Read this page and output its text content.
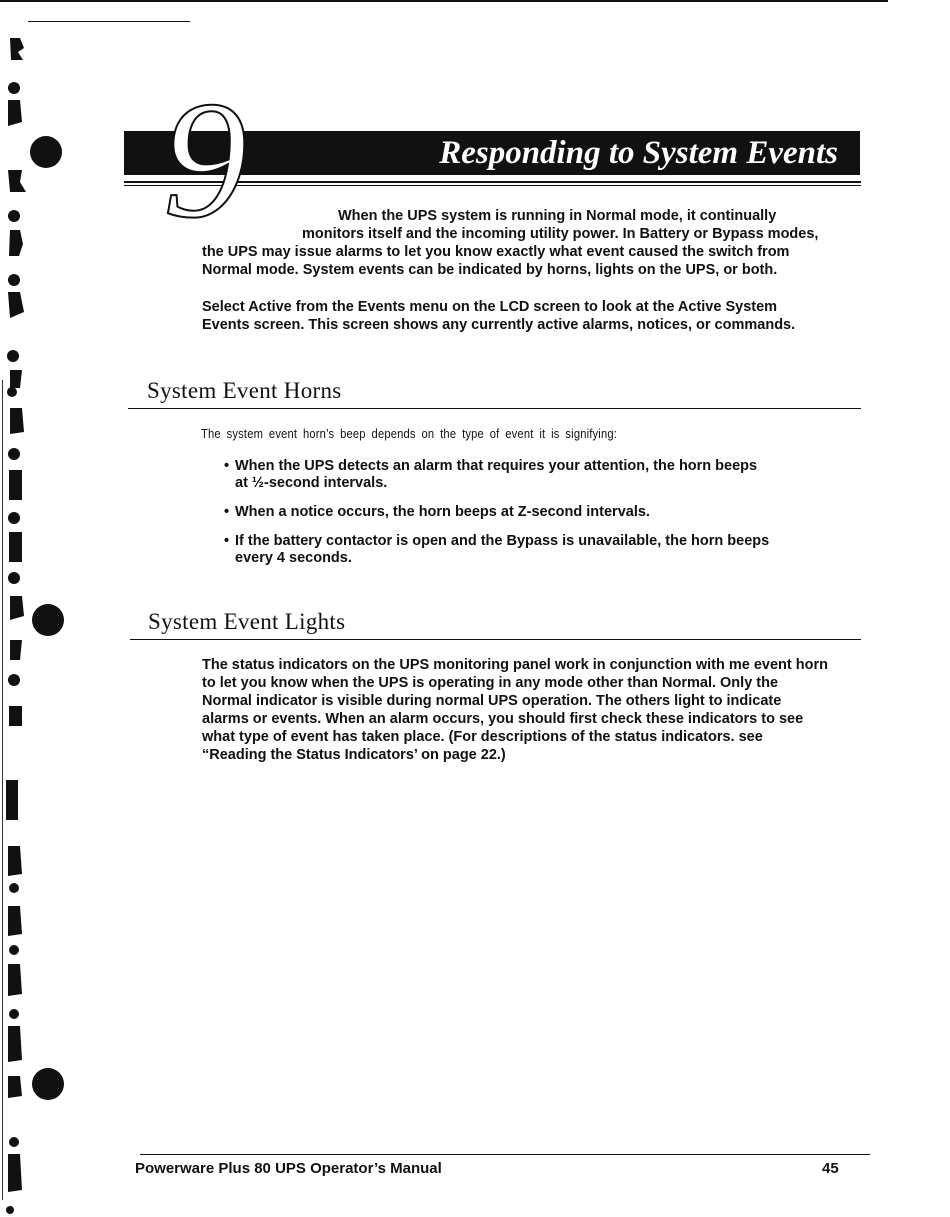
9	Responding to System Events
When the UPS system is running in Normal mode, it continually
monitors itself and the incoming utility power. In Battery or Bypass modes,
the UPS may issue alarms to let you know exactly what event caused the switch from
Normal mode. System events can be indicated by horns, lights on the UPS, or both.
Select Active from the Events menu on the LCD screen to look at the Active System
Events screen. This screen shows any currently active alarms, notices, or commands.
System Event Horns
The system event horn’s beep depends on the type of event it is signifying:
• When the UPS detects an alarm that requires your attention, the horn beeps
at ½-second intervals.
• When a notice occurs, the horn beeps at Z-second intervals.
• If the battery contactor is open and the Bypass is unavailable, the horn beeps
every 4 seconds.
System Event Lights
The status indicators on the UPS monitoring panel work in conjunction with me event horn
to let you know when the UPS is operating in any mode other than Normal. Only the
Normal indicator is visible during normal UPS operation. The others light to indicate
alarms or events. When an alarm occurs, you should first check these indicators to see
what type of event has taken place. (For descriptions of the status indicators. see
“Reading the Status Indicators’ on page 22.)
Powerware Plus 80 UPS Operator’s Manual	45
